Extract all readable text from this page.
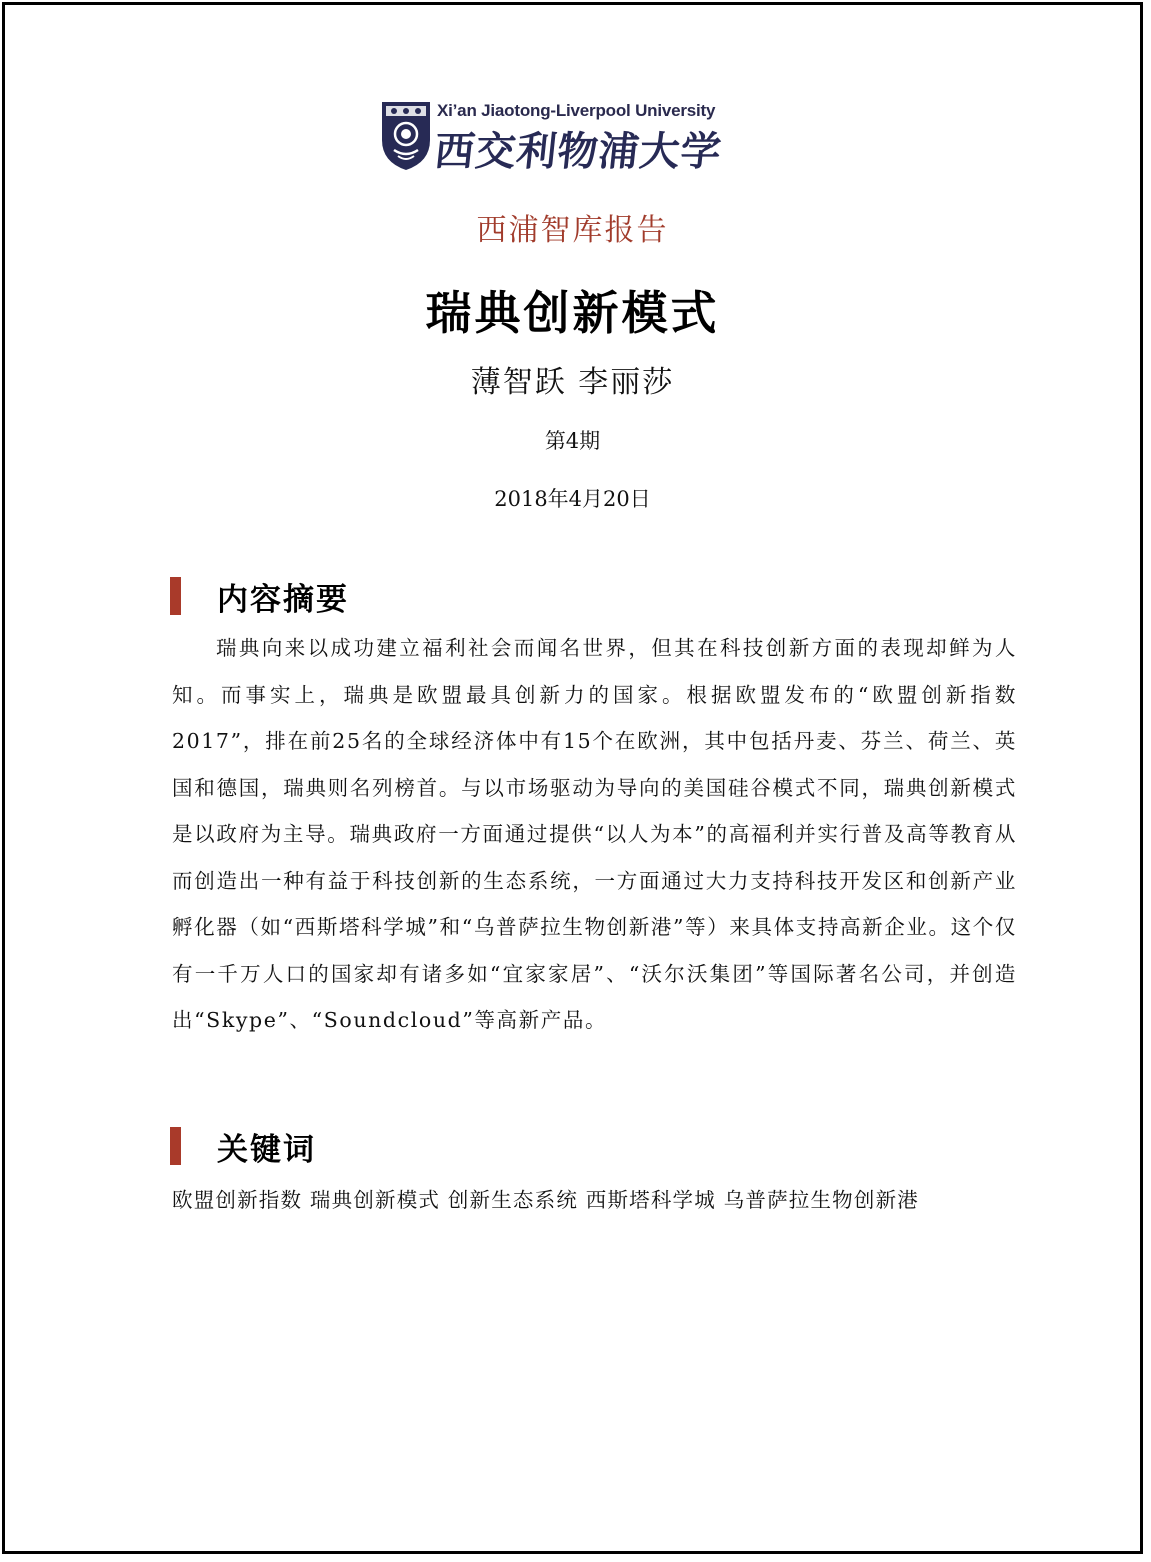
Xi’an Jiaotong-Liverpool University
西交利物浦大学
西浦智库报告
瑞典创新模式
薄智跃 李丽莎
第4期
2018年4月20日
内容摘要

瑞典向来以成功建立福利社会而闻名世界，但其在科技创新方面的表现却鲜为人知。而事实上，瑞典是欧盟最具创新力的国家。根据欧盟发布的“欧盟创新指数2017”，排在前25名的全球经济体中有15个在欧洲，其中包括丹麦、芬兰、荷兰、英国和德国，瑞典则名列榜首。与以市场驱动为导向的美国硅谷模式不同，瑞典创新模式是以政府为主导。瑞典政府一方面通过提供“以人为本”的高福利并实行普及高等教育从而创造出一种有益于科技创新的生态系统，一方面通过大力支持科技开发区和创新产业孵化器（如“西斯塔科学城”和“乌普萨拉生物创新港”等）来具体支持高新企业。这个仅有一千万人口的国家却有诸多如“宜家家居”、“沃尔沃集团”等国际著名公司，并创造出“Skype”、“Soundcloud”等高新产品。

关键词
欧盟创新指数 瑞典创新模式 创新生态系统 西斯塔科学城 乌普萨拉生物创新港
